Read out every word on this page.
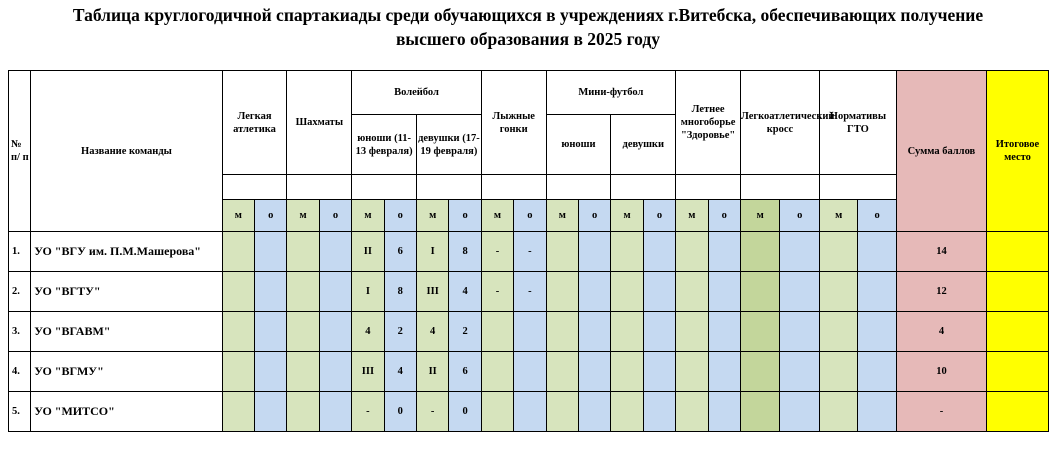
Таблица круглогодичной спартакиады среди обучающихся в учреждениях г.Витебска, обеспечивающих получение
высшего образования в 2025 году
№ п/ п	Название команды	Легкая атлетика		Шахматы		Волейбол				Лыжные гонки		Мини-футбол				Летнее многоборье "Здоровье"		Легкоатлетический кросс		Нормативы ГТО		Сумма баллов	Итоговое место
						юноши (11-13 февраля)		девушки (17-19 февраля)				юноши		девушки									

		м	о	м	о	м	о	м	о	м	о	м	о	м	о	м	о	м	о	м	о		
1.	УО "ВГУ им. П.М.Машерова"					II	6	I	8	-	-											14	
2.	УО "ВГТУ"					I	8	III	4	-	-											12	
3.	УО "ВГАВМ"					4	2	4	2													4	
4.	УО "ВГМУ"					III	4	II	6													10	
5.	УО "МИТСО"					-	0	-	0													-	
